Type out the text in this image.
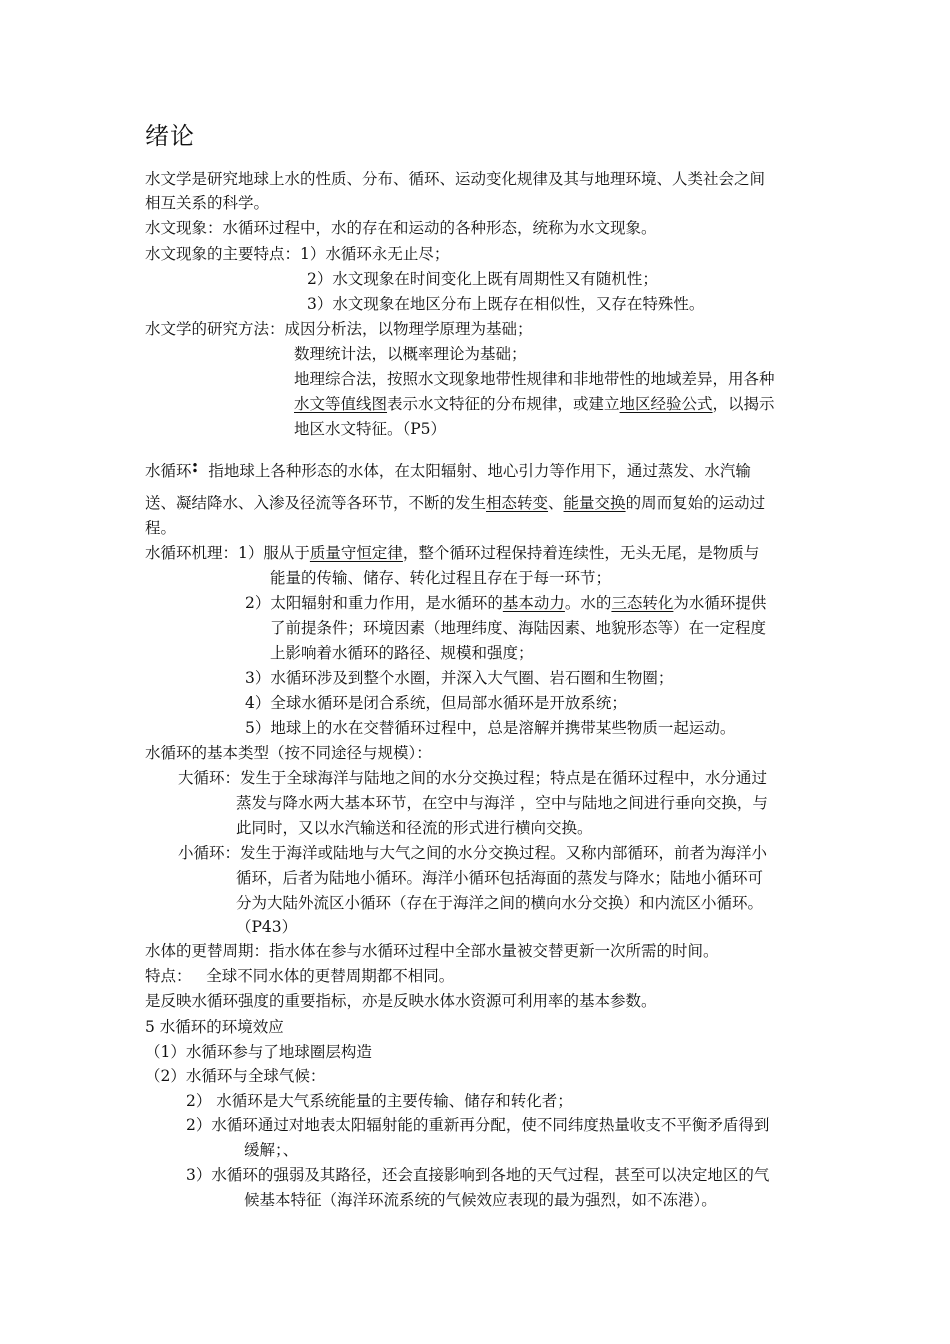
绪论
水文学是研究地球上水的性质、分布、循环、运动变化规律及其与地理环境、人类社会之间
相互关系的科学。
水文现象：水循环过程中，水的存在和运动的各种形态，统称为水文现象。
水文现象的主要特点：1）水循环永无止尽；
2）水文现象在时间变化上既有周期性又有随机性；
3）水文现象在地区分布上既存在相似性，又存在特殊性。
水文学的研究方法：成因分析法，以物理学原理为基础；
数理统计法，以概率理论为基础；
地理综合法，按照水文现象地带性规律和非地带性的地域差异，用各种
水文等值线图表示水文特征的分布规律，或建立地区经验公式，以揭示
地区水文特征。（P5）
水循环: 指地球上各种形态的水体，在太阳辐射、地心引力等作用下，通过蒸发、水汽输
送、凝结降水、入渗及径流等各环节，不断的发生相态转变、能量交换的周而复始的运动过
程。
水循环机理：1）服从于质量守恒定律，整个循环过程保持着连续性，无头无尾，是物质与
能量的传输、储存、转化过程且存在于每一环节；
2）太阳辐射和重力作用，是水循环的基本动力。水的三态转化为水循环提供
了前提条件；环境因素（地理纬度、海陆因素、地貌形态等）在一定程度
上影响着水循环的路径、规模和强度；
3）水循环涉及到整个水圈，并深入大气圈、岩石圈和生物圈；
4）全球水循环是闭合系统，但局部水循环是开放系统；
5）地球上的水在交替循环过程中，总是溶解并携带某些物质一起运动。
水循环的基本类型（按不同途径与规模）：
大循环：发生于全球海洋与陆地之间的水分交换过程；特点是在循环过程中，水分通过
蒸发与降水两大基本环节，在空中与海洋 ，空中与陆地之间进行垂向交换，与
此同时，又以水汽输送和径流的形式进行横向交换。
小循环：发生于海洋或陆地与大气之间的水分交换过程。又称内部循环，前者为海洋小
循环，后者为陆地小循环。海洋小循环包括海面的蒸发与降水；陆地小循环可
分为大陆外流区小循环（存在于海洋之间的横向水分交换）和内流区小循环。
（P43）
水体的更替周期：指水体在参与水循环过程中全部水量被交替更新一次所需的时间。
特点：   全球不同水体的更替周期都不相同。
是反映水循环强度的重要指标，亦是反映水体水资源可利用率的基本参数。
5 水循环的环境效应
（1）水循环参与了地球圈层构造
（2）水循环与全球气候：
2） 水循环是大气系统能量的主要传输、储存和转化者；
2）水循环通过对地表太阳辐射能的重新再分配，使不同纬度热量收支不平衡矛盾得到
缓解；、
3）水循环的强弱及其路径，还会直接影响到各地的天气过程，甚至可以决定地区的气
候基本特征（海洋环流系统的气候效应表现的最为强烈，如不冻港）。
